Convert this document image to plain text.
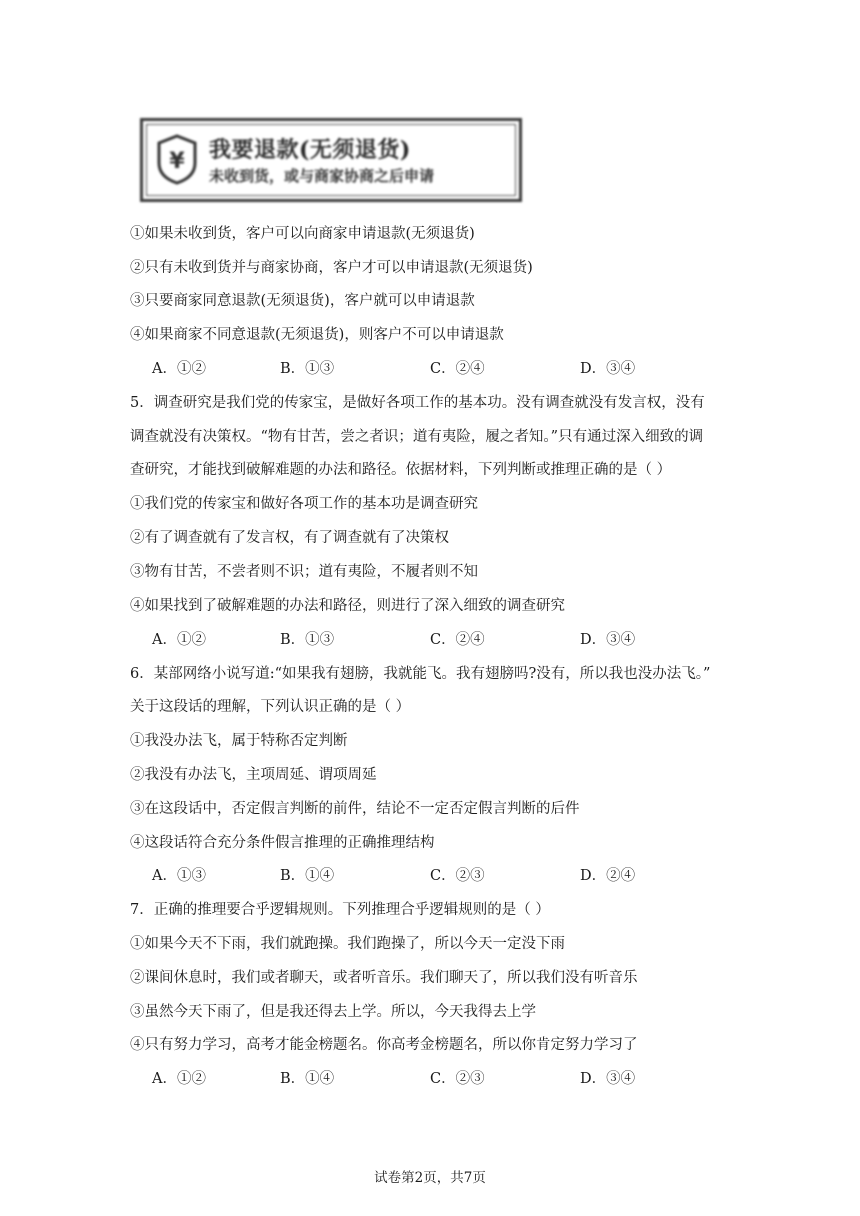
¥ 我要退款(无须退货)
未收到货，或与商家协商之后申请
①如果未收到货，客户可以向商家申请退款(无须退货)
②只有未收到货并与商家协商，客户才可以申请退款(无须退货)
③只要商家同意退款(无须退货)，客户就可以申请退款
④如果商家不同意退款(无须退货)，则客户不可以申请退款
A．①②	B．①③	C．②④	D．③④
5．调查研究是我们党的传家宝，是做好各项工作的基本功。没有调查就没有发言权，没有
调查就没有决策权。“物有甘苦，尝之者识；道有夷险，履之者知。”只有通过深入细致的调
查研究，才能找到破解难题的办法和路径。依据材料，下列判断或推理正确的是（ ）
①我们党的传家宝和做好各项工作的基本功是调查研究
②有了调查就有了发言权，有了调查就有了决策权
③物有甘苦，不尝者则不识；道有夷险，不履者则不知
④如果找到了破解难题的办法和路径，则进行了深入细致的调查研究
A．①②	B．①③	C．②④	D．③④
6．某部网络小说写道:“如果我有翅膀，我就能飞。我有翅膀吗?没有，所以我也没办法飞。”
关于这段话的理解，下列认识正确的是（ ）
①我没办法飞，属于特称否定判断
②我没有办法飞，主项周延、谓项周延
③在这段话中，否定假言判断的前件，结论不一定否定假言判断的后件
④这段话符合充分条件假言推理的正确推理结构
A．①③	B．①④	C．②③	D．②④
7．正确的推理要合乎逻辑规则。下列推理合乎逻辑规则的是（ ）
①如果今天不下雨，我们就跑操。我们跑操了，所以今天一定没下雨
②课间休息时，我们或者聊天，或者听音乐。我们聊天了，所以我们没有听音乐
③虽然今天下雨了，但是我还得去上学。所以，今天我得去上学
④只有努力学习，高考才能金榜题名。你高考金榜题名，所以你肯定努力学习了
A．①②	B．①④	C．②③	D．③④
试卷第2页，共7页
